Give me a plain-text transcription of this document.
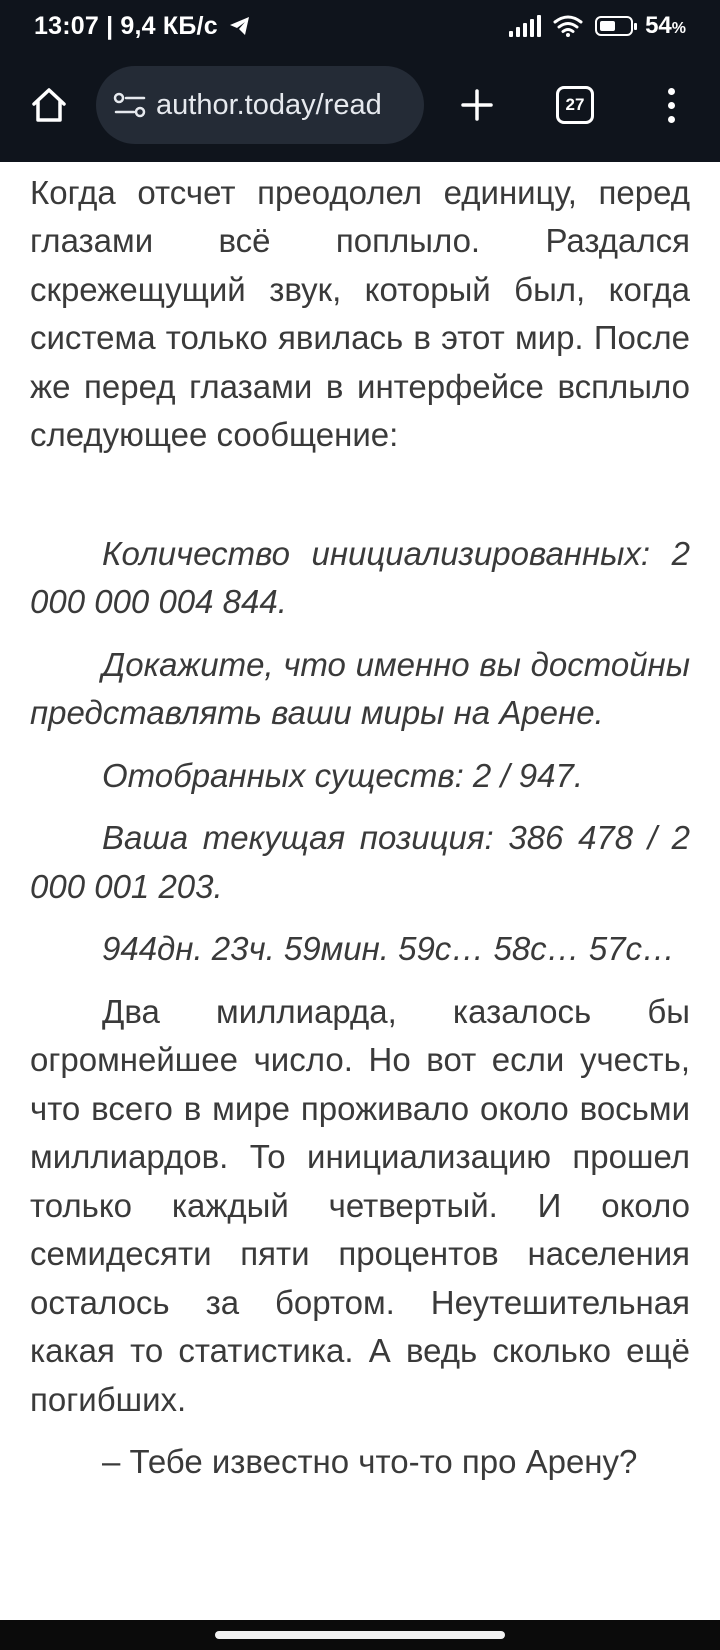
13:07 | 9,4 КБ/с	54%
author.today/read	27

Когда отсчет преодолел единицу, перед глазами всё поплыло. Раздался скрежещущий звук, который был, когда система только явилась в этот мир. После же перед глазами в интерфейсе всплыло следующее сообщение:

Количество инициализированных: 2 000 000 004 844.

Докажите, что именно вы достойны представлять ваши миры на Арене.

Отобранных существ: 2 / 947.

Ваша текущая позиция: 386 478 / 2 000 001 203.

944дн. 23ч. 59мин. 59с… 58с… 57с…

Два миллиарда, казалось бы огромнейшее число. Но вот если учесть, что всего в мире проживало около восьми миллиардов. То инициализацию прошел только каждый четвертый. И около семидесяти пяти процентов населения осталось за бортом. Неутешительная какая то статистика. А ведь сколько ещё погибших.

– Тебе известно что-то про Арену?
